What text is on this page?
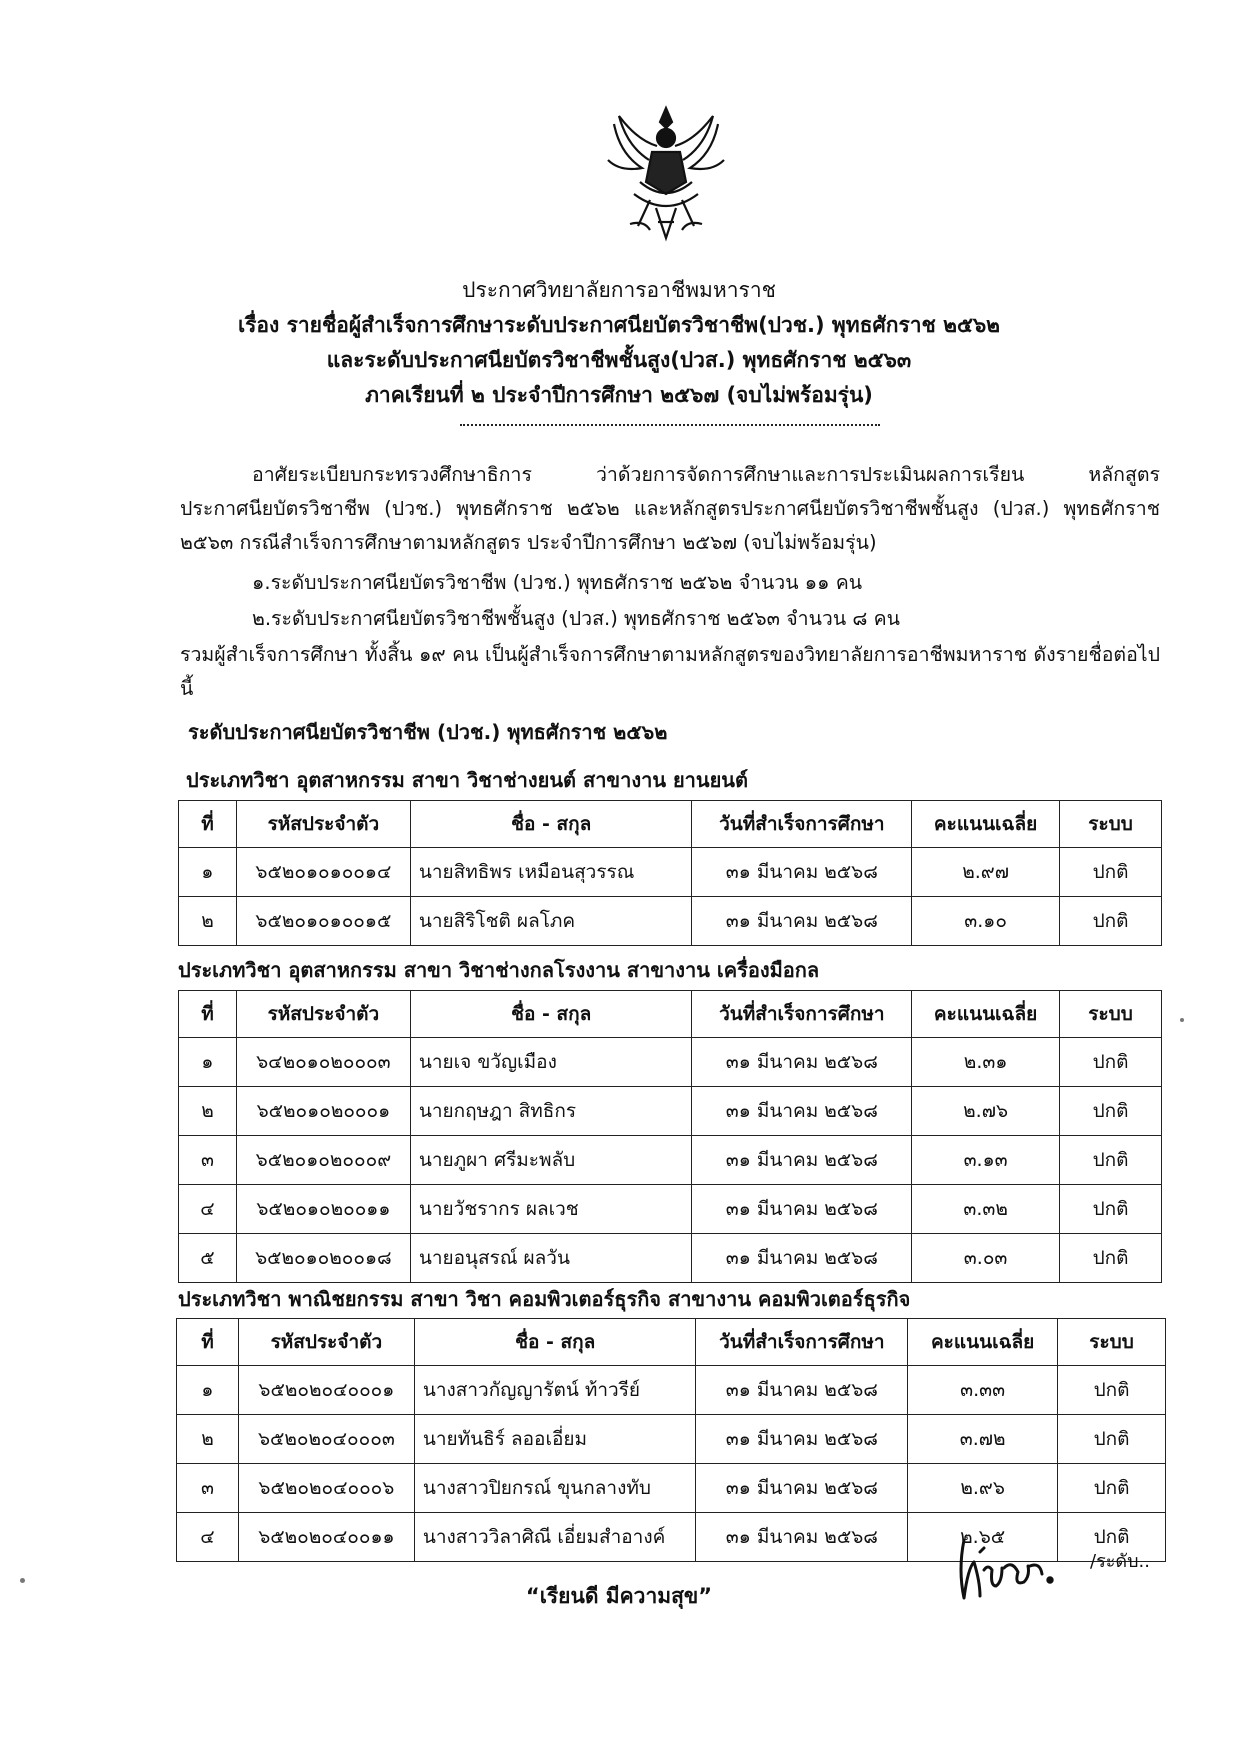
ประกาศวิทยาลัยการอาชีพมหาราช
เรื่อง รายชื่อผู้สำเร็จการศึกษาระดับประกาศนียบัตรวิชาชีพ(ปวช.) พุทธศักราช ๒๕๖๒
และระดับประกาศนียบัตรวิชาชีพชั้นสูง(ปวส.) พุทธศักราช ๒๕๖๓
ภาคเรียนที่ ๒ ประจำปีการศึกษา ๒๕๖๗ (จบไม่พร้อมรุ่น)
อาศัยระเบียบกระทรวงศึกษาธิการ ว่าด้วยการจัดการศึกษาและการประเมินผลการเรียน หลักสูตรประกาศนียบัตรวิชาชีพ (ปวช.) พุทธศักราช ๒๕๖๒ และหลักสูตรประกาศนียบัตรวิชาชีพชั้นสูง (ปวส.) พุทธศักราช ๒๕๖๓ กรณีสำเร็จการศึกษาตามหลักสูตร ประจำปีการศึกษา ๒๕๖๗ (จบไม่พร้อมรุ่น)
๑.ระดับประกาศนียบัตรวิชาชีพ (ปวช.) พุทธศักราช ๒๕๖๒ จำนวน ๑๑ คน
๒.ระดับประกาศนียบัตรวิชาชีพชั้นสูง (ปวส.) พุทธศักราช ๒๕๖๓ จำนวน ๘ คน
รวมผู้สำเร็จการศึกษา ทั้งสิ้น ๑๙ คน เป็นผู้สำเร็จการศึกษาตามหลักสูตรของวิทยาลัยการอาชีพมหาราช ดังรายชื่อต่อไปนี้
ระดับประกาศนียบัตรวิชาชีพ (ปวช.) พุทธศักราช ๒๕๖๒
ประเภทวิชา อุตสาหกรรม สาขา วิชาช่างยนต์ สาขางาน ยานยนต์
ที่	รหัสประจำตัว	ชื่อ - สกุล	วันที่สำเร็จการศึกษา	คะแนนเฉลี่ย	ระบบ
๑	๖๕๒๐๑๐๑๐๐๑๔	นายสิทธิพร เหมือนสุวรรณ	๓๑ มีนาคม ๒๕๖๘	๒.๙๗	ปกติ
๒	๖๕๒๐๑๐๑๐๐๑๕	นายสิริโชติ ผลโภค	๓๑ มีนาคม ๒๕๖๘	๓.๑๐	ปกติ
ประเภทวิชา อุตสาหกรรม สาขา วิชาช่างกลโรงงาน สาขางาน เครื่องมือกล
ที่	รหัสประจำตัว	ชื่อ - สกุล	วันที่สำเร็จการศึกษา	คะแนนเฉลี่ย	ระบบ
๑	๖๔๒๐๑๐๒๐๐๐๓	นายเจ ขวัญเมือง	๓๑ มีนาคม ๒๕๖๘	๒.๓๑	ปกติ
๒	๖๕๒๐๑๐๒๐๐๐๑	นายกฤษฎา สิทธิกร	๓๑ มีนาคม ๒๕๖๘	๒.๗๖	ปกติ
๓	๖๕๒๐๑๐๒๐๐๐๙	นายภูผา ศรีมะพลับ	๓๑ มีนาคม ๒๕๖๘	๓.๑๓	ปกติ
๔	๖๕๒๐๑๐๒๐๐๑๑	นายวัชรากร ผลเวช	๓๑ มีนาคม ๒๕๖๘	๓.๓๒	ปกติ
๕	๖๕๒๐๑๐๒๐๐๑๘	นายอนุสรณ์ ผลวัน	๓๑ มีนาคม ๒๕๖๘	๓.๐๓	ปกติ
ประเภทวิชา พาณิชยกรรม สาขา วิชา คอมพิวเตอร์ธุรกิจ สาขางาน คอมพิวเตอร์ธุรกิจ
ที่	รหัสประจำตัว	ชื่อ - สกุล	วันที่สำเร็จการศึกษา	คะแนนเฉลี่ย	ระบบ
๑	๖๕๒๐๒๐๔๐๐๐๑	นางสาวกัญญารัตน์ ท้าวรีย์	๓๑ มีนาคม ๒๕๖๘	๓.๓๓	ปกติ
๒	๖๕๒๐๒๐๔๐๐๐๓	นายทันธิร์ ลออเอี่ยม	๓๑ มีนาคม ๒๕๖๘	๓.๗๒	ปกติ
๓	๖๕๒๐๒๐๔๐๐๐๖	นางสาวปิยกรณ์ ขุนกลางทับ	๓๑ มีนาคม ๒๕๖๘	๒.๙๖	ปกติ
๔	๖๕๒๐๒๐๔๐๐๑๑	นางสาววิลาศิณี เอี่ยมสำอางค์	๓๑ มีนาคม ๒๕๖๘	๒.๖๕	ปกติ
/ระดับ..
“เรียนดี มีความสุข”
